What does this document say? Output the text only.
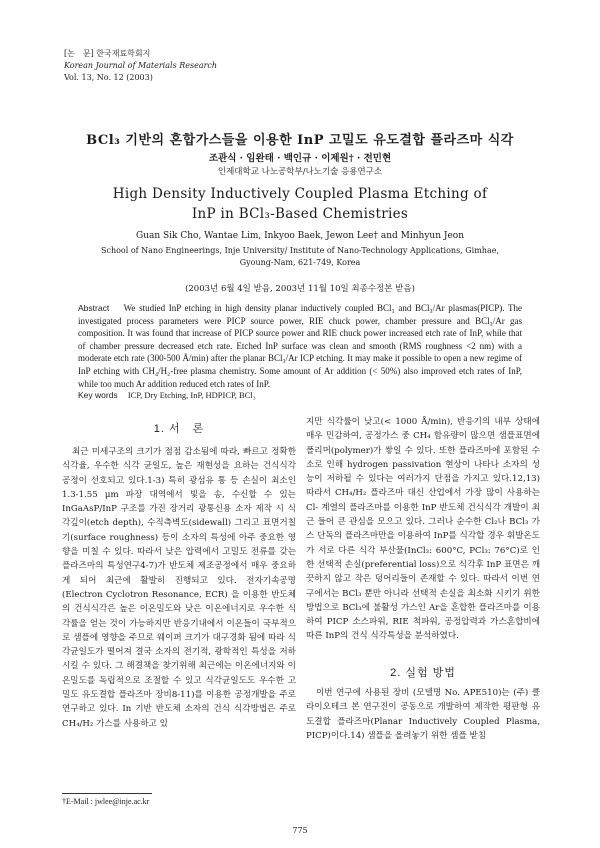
[논　문] 한국재료학회지
Korean Journal of Materials Research
Vol. 13, No. 12 (2003)
BCl₃ 기반의 혼합가스들을 이용한 InP 고밀도 유도결합 플라즈마 식각
조관식 · 임완태 · 백인규 · 이제원† · 전민현
인제대학교 나노공학부/나노기술 응용연구소
High Density Inductively Coupled Plasma Etching of
InP in BCl₃-Based Chemistries
Guan Sik Cho, Wantae Lim, Inkyoo Baek, Jewon Lee† and Minhyun Jeon
School of Nano Engineerings, Inje University/ Institute of Nano-Technology Applications, Gimhae,
Gyoung-Nam, 621-749, Korea
(2003년 6월 4일 받음, 2003년 11월 10일 최종수정본 받음)
Abstract We studied InP etching in high density planar inductively coupled BCl₃ and BCl₃/Ar plasmas(PICP). The investigated process parameters were PICP source power, RIE chuck power, chamber pressure and BCl₃/Ar gas composition. It was found that increase of PICP source power and RIE chuck power increased etch rate of InP, while that of chamber pressure decreased etch rate. Etched InP surface was clean and smooth (RMS roughness <2 nm) with a moderate etch rate (300-500 Å/min) after the planar BCl₃/Ar ICP etching. It may make it possible to open a new regime of InP etching with CH₄/H₂-free plasma chemistry. Some amount of Ar addition (< 50%) also improved etch rates of InP, while too much Ar addition reduced etch rates of InP.
Key words ICP, Dry Etching, InP, HDPICP, BCl₃
1. 서　론

최근 미세구조의 크기가 점점 감소됨에 따라, 빠르고 정확한 식각율, 우수한 식각 균일도, 높은 재현성을 요하는 건식식각 공정이 선호되고 있다.1-3) 특히 광섬유 통 등 손실이 최소인 1.3-1.55 μm 파장 대역에서 빛을 송, 수신할 수 있는 InGaAsP/InP 구조를 가진 장거리 광통신용 소자 제작 시 식각깊이(etch depth), 수직측벽도(sidewall) 그리고 표면거칠기(surface roughness) 등이 소자의 특성에 아주 중요한 영향을 미칠 수 있다. 따라서 낮은 압력에서 고밀도 전류를 갖는 플라즈마의 특성연구4-7)가 반도체 제조공정에서 매우 중요하게 되어 최근에 활발히 진행되고 있다. 전자기속공명 (Electron Cyclotron Resonance, ECR) 을 이용한 반도체의 건식식각은 높은 이온밀도와 낮은 이온에너지로 우수한 식각률을 얻는 것이 가능하지만 반응기내에서 이온들이 국부적으로 샘플에 영향을 주므로 웨이퍼 크기가 대구경화 됨에 따라 식각균일도가 떨어져 결국 소자의 전기적, 광학적인 특성을 저하시킬 수 있다. 그 해결책을 찾기위해 최근에는 이온에너지와 이온밀도를 독립적으로 조절할 수 있고 식각균일도도 우수한 고밀도 유도결합 플라즈마 장비8-11)를 이용한 공정개발을 주로 연구하고 있다. In 기반 반도체 소자의 건식 식각방법은 주로 CH₄/H₂ 가스를 사용하고 있

2. 실험 방법

이번 연구에 사용된 장비 (모델명 No. APE510)는 (주) 클라이오테크 본 연구진이 공동으로 개발하여 제작한 평판형 유도결합 플라즈마(Planar Inductively Coupled Plasma, PICP)이다.14) 샘플을 올려놓기 위한 셈플 받침

†E-Mail : jwlee@inje.ac.kr
775
지만 식각률이 낮고(< 1000 Å/min), 반응기의 내부 상태에 매우 민감하여, 공정가스 중 CH₄ 함유량이 많으면 샘플표면에 폴리머(polymer)가 쌓일 수 있다. 또한 플라즈마에 포함된 수소로 인해 hydrogen passivation 현상이 나타나 소자의 성능이 저하될 수 있다는 여러가지 단점을 가지고 있다.12,13) 따라서 CH₄/H₂ 플라즈마 대신 산업에서 가장 많이 사용하는 Cl- 계열의 플라즈마를 이용한 InP 반도체 건식식각 개발이 최근 들어 큰 관심을 모으고 있다. 그러나 순수한 Cl₂나 BCl₃ 가스 단독의 플라즈마만을 이용하여 InP를 식각할 경우 휘발온도가 서로 다른 식각 부산물(InCl₃: 600°C, PCl₃: 76°C)로 인한 선택적 손실(preferential loss)으로 식각후 InP 표면은 깨끗하지 않고 작은 덩어리들이 존재할 수 있다. 따라서 이번 연구에서는 BCl₃ 뿐만 아니라 선택적 손실을 최소화 시키기 위한 방법으로 BCl₃에 불활성 가스인 Ar을 혼합한 플라즈마를 이용하여 PICP 소스파워, RIE 척파워, 공정압력과 가스혼합비에 따른 InP의 건식 식각특성을 분석하였다.
